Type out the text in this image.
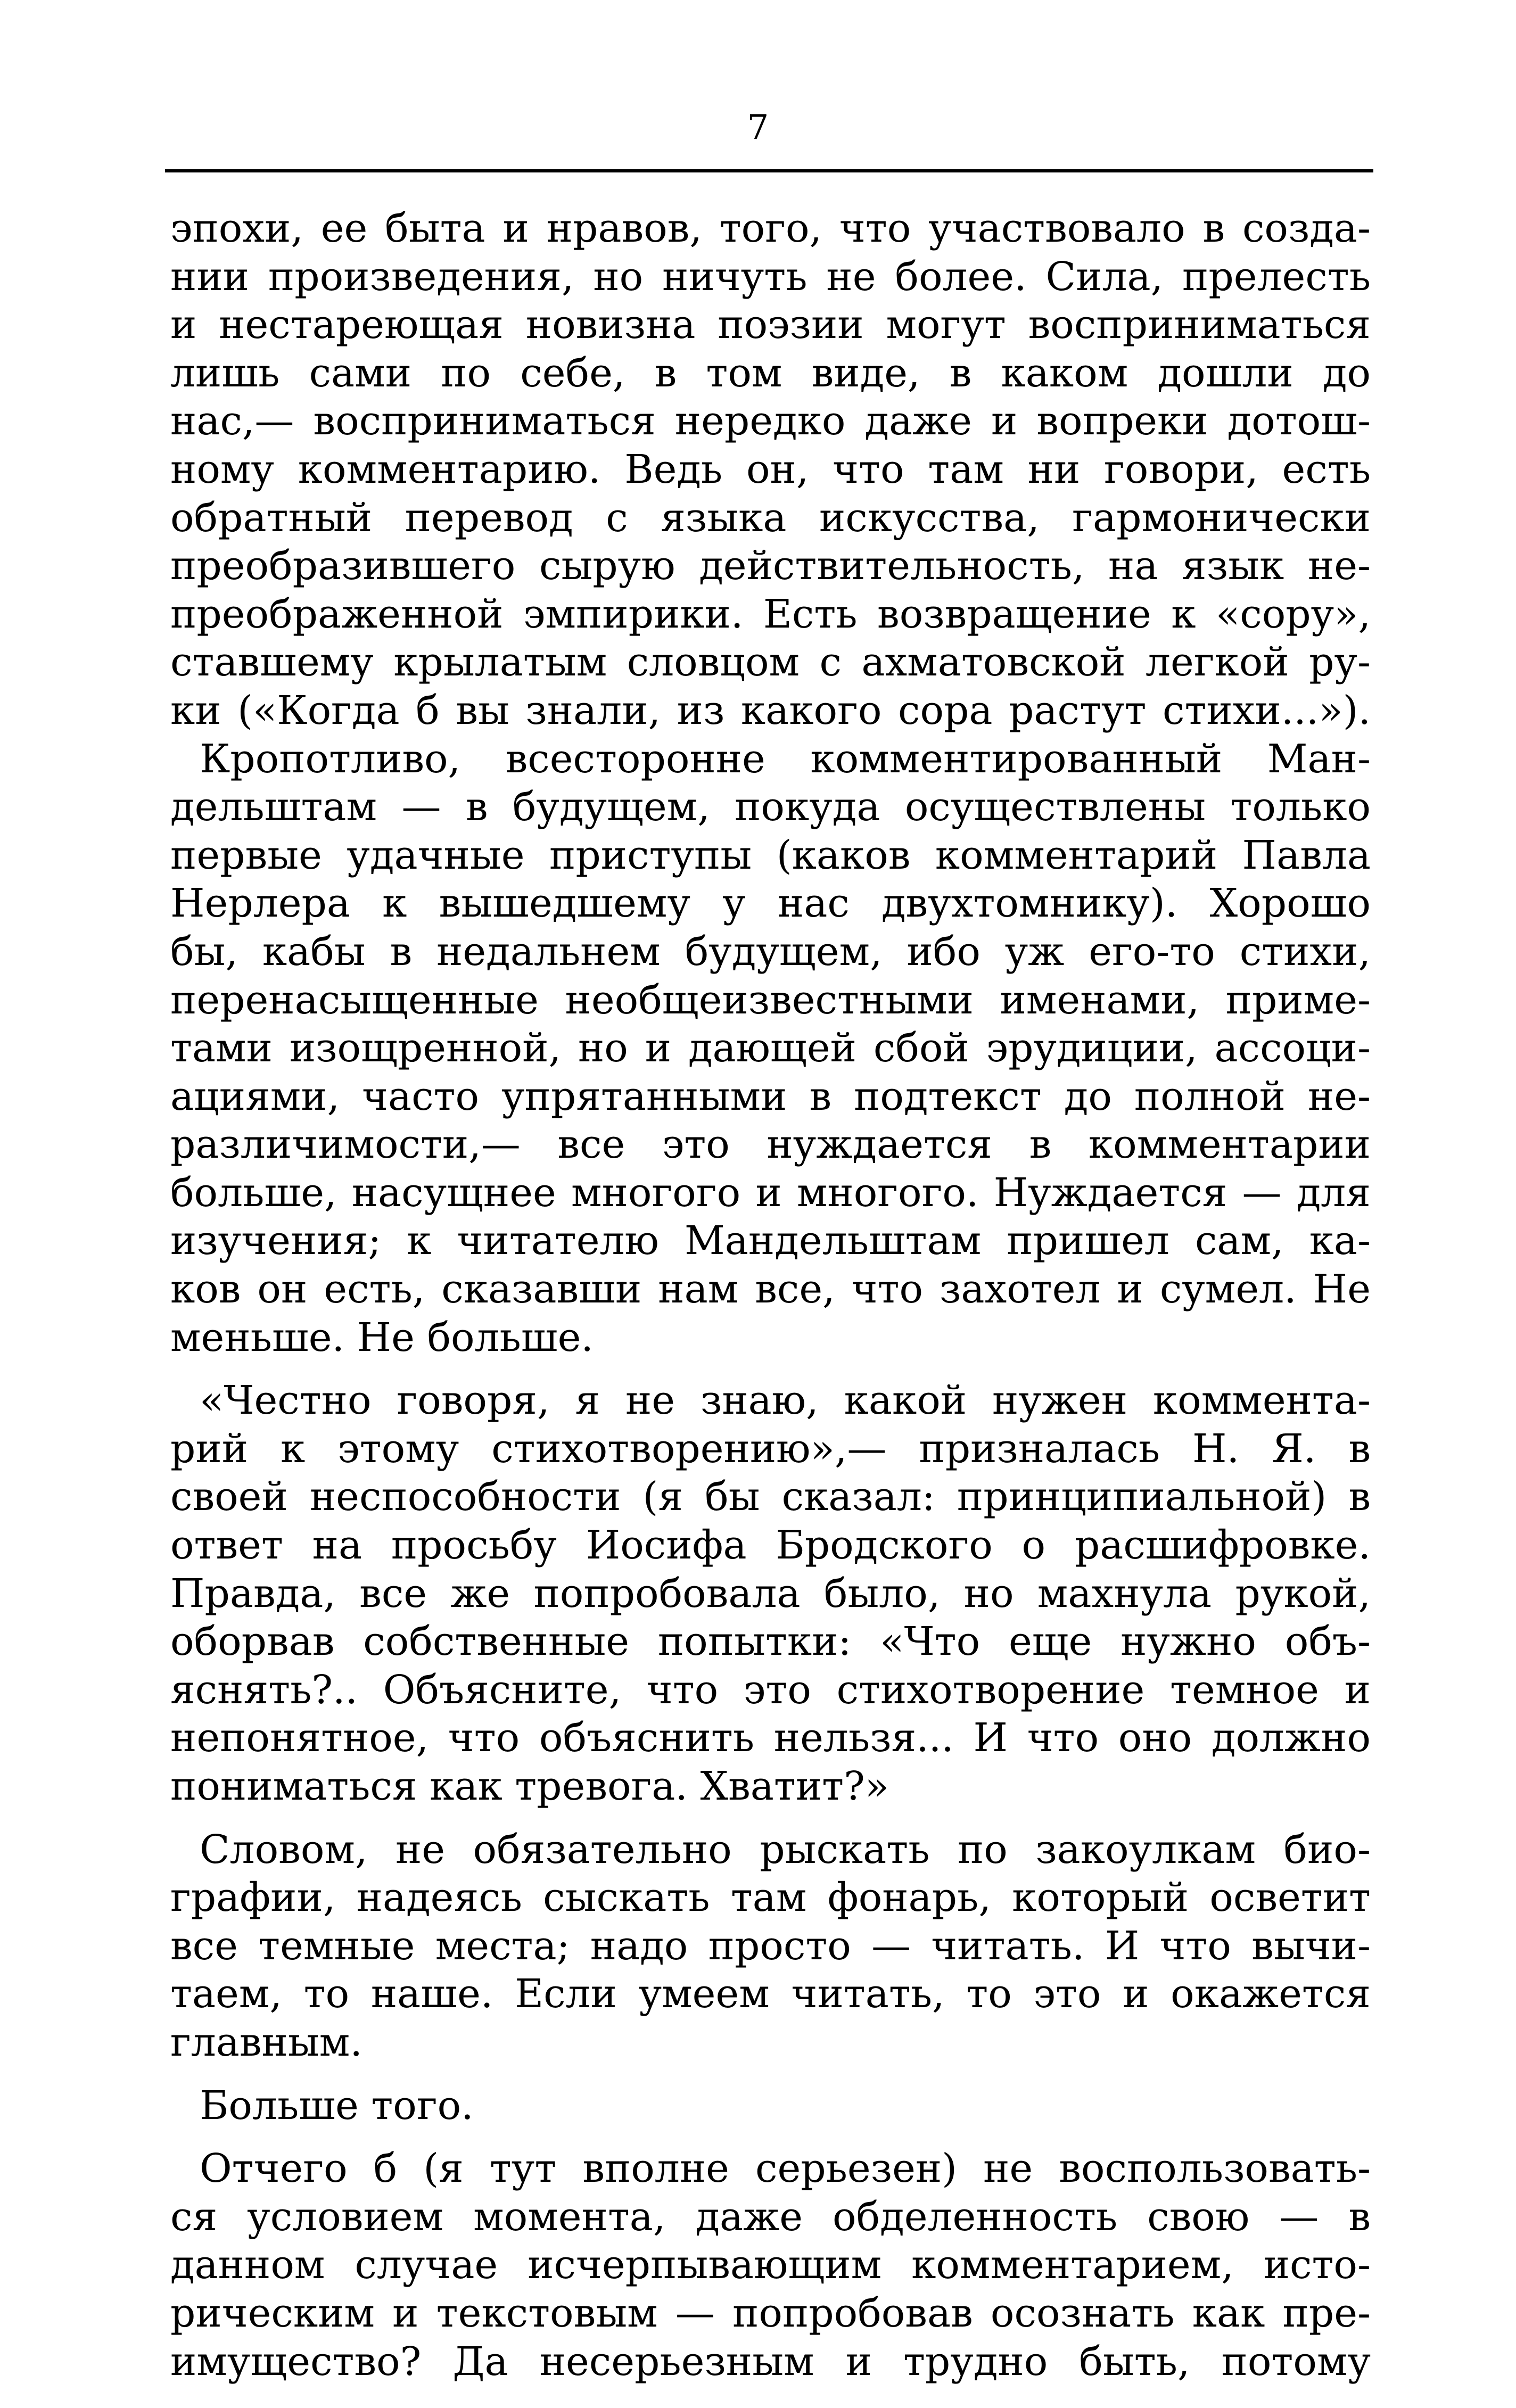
7
эпохи, ее быта и нравов, того, что участвовало в созда-
нии произведения, но ничуть не более. Сила, прелесть
и нестареющая новизна поэзии могут восприниматься
лишь сами по себе, в том виде, в каком дошли до
нас,— восприниматься нередко даже и вопреки дотош-
ному комментарию. Ведь он, что там ни говори, есть
обратный перевод с языка искусства, гармонически
преобразившего сырую действительность, на язык не-
преображенной эмпирики. Есть возвращение к «сору»,
ставшему крылатым словцом с ахматовской легкой ру-
ки («Когда б вы знали, из какого сора растут стихи...»).
Кропотливо, всесторонне комментированный Ман-
дельштам — в будущем, покуда осуществлены только
первые удачные приступы (каков комментарий Павла
Нерлера к вышедшему у нас двухтомнику). Хорошо
бы, кабы в недальнем будущем, ибо уж его-то стихи,
перенасыщенные необщеизвестными именами, приме-
тами изощренной, но и дающей сбой эрудиции, ассоци-
ациями, часто упрятанными в подтекст до полной не-
различимости,— все это нуждается в комментарии
больше, насущнее многого и многого. Нуждается — для
изучения; к читателю Мандельштам пришел сам, ка-
ков он есть, сказавши нам все, что захотел и сумел. Не
меньше. Не больше.
«Честно говоря, я не знаю, какой нужен коммента-
рий к этому стихотворению»,— призналась Н. Я. в
своей неспособности (я бы сказал: принципиальной) в
ответ на просьбу Иосифа Бродского о расшифровке.
Правда, все же попробовала было, но махнула рукой,
оборвав собственные попытки: «Что еще нужно объ-
яснять?.. Объясните, что это стихотворение темное и
непонятное, что объяснить нельзя... И что оно должно
пониматься как тревога. Хватит?»
Словом, не обязательно рыскать по закоулкам био-
графии, надеясь сыскать там фонарь, который осветит
все темные места; надо просто — читать. И что вычи-
таем, то наше. Если умеем читать, то это и окажется
главным.
Больше того.
Отчего б (я тут вполне серьезен) не воспользовать-
ся условием момента, даже обделенность свою — в
данном случае исчерпывающим комментарием, исто-
рическим и текстовым — попробовав осознать как пре-
имущество? Да несерьезным и трудно быть, потому
